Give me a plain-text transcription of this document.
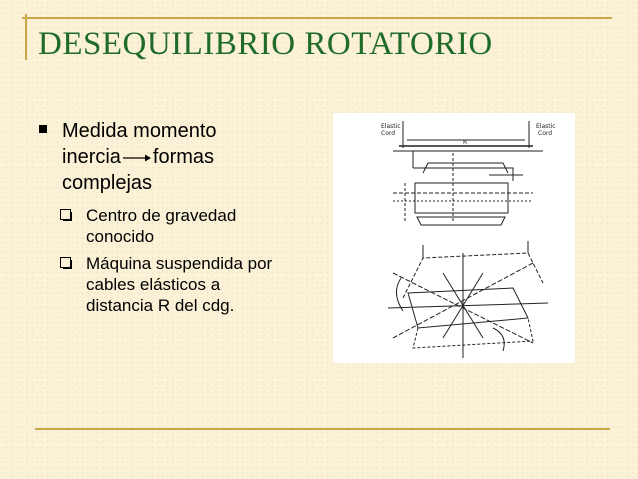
DESEQUILIBRIO ROTATORIO
Medida momento
inercia formas
complejas
Centro de gravedad
conocido
Máquina suspendida por
cables elásticos a
distancia R del cdg.
Elastic
Cord
Elastic
Cord
R
